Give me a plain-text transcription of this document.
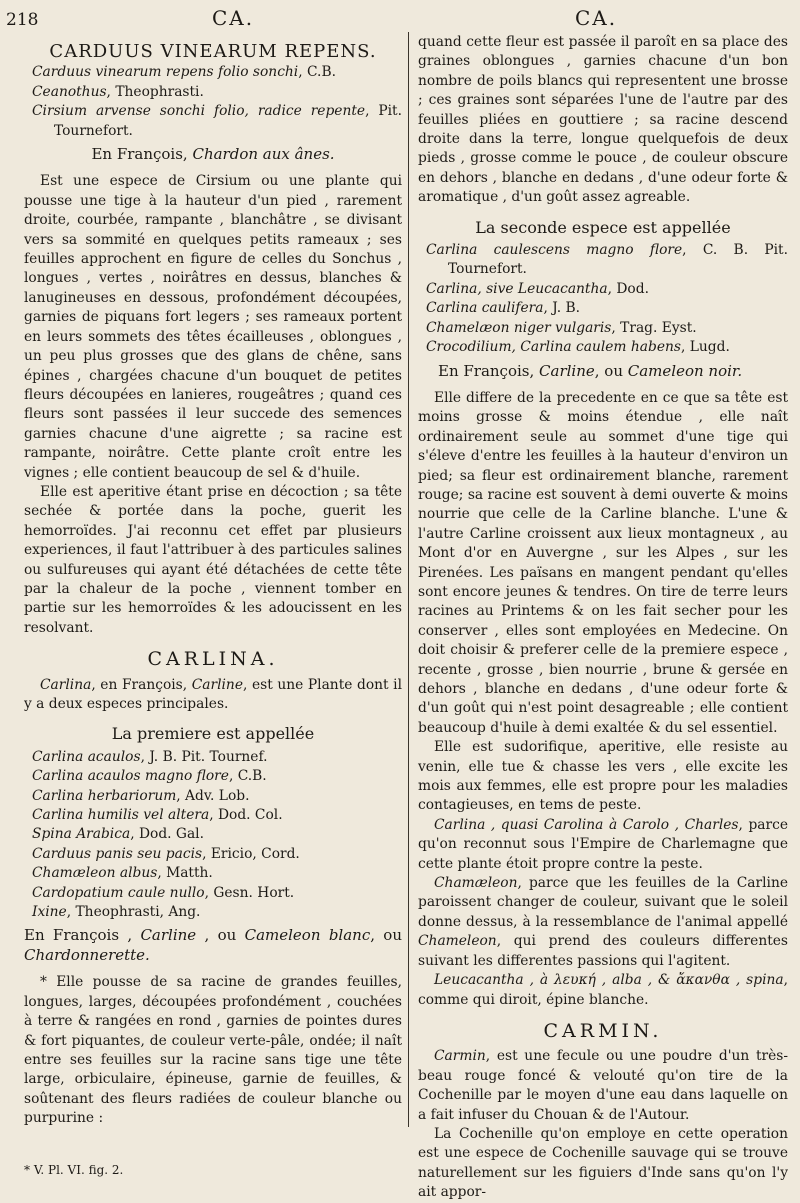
218	CA.	CA.

CARDUUS VINEARUM REPENS.

Carduus vinearum repens folio sonchi, C.B.

Ceanothus, Theophrasti.

Cirsium arvense sonchi folio, radice repente, Pit. Tournefort.

En François, Chardon aux ânes.

Est une espece de Cirsium ou une plante qui pousse une tige à la hauteur d'un pied , rarement droite, courbée, rampante , blanchâtre , se divisant vers sa sommité en quelques petits rameaux ; ses feuilles approchent en figure de celles du Sonchus , longues , vertes , noirâtres en dessus, blanches & lanugineuses en dessous, profondément découpées, garnies de piquans fort legers ; ses rameaux portent en leurs sommets des têtes écailleuses , oblongues , un peu plus grosses que des glans de chêne, sans épines , chargées chacune d'un bouquet de petites fleurs découpées en lanieres, rougeâtres ; quand ces fleurs sont passées il leur succede des semences garnies chacune d'une aigrette ; sa racine est rampante, noirâtre. Cette plante croît entre les vignes ; elle contient beaucoup de sel & d'huile.

Elle est aperitive étant prise en décoction ; sa tête sechée & portée dans la poche, guerit les hemorroïdes. J'ai reconnu cet effet par plusieurs experiences, il faut l'attribuer à des particules salines ou sulfureuses qui ayant été détachées de cette tête par la chaleur de la poche , viennent tomber en partie sur les hemorroïdes & les adoucissent en les resolvant.

CARLINA.

Carlina, en François, Carline, est une Plante dont il y a deux especes principales.

La premiere est appellée

Carlina acaulos, J. B. Pit. Tournef.

Carlina acaulos magno flore, C.B.

Carlina herbariorum, Adv. Lob.

Carlina humilis vel altera, Dod. Col.

Spina Arabica, Dod. Gal.

Carduus panis seu pacis, Ericio, Cord.

Chamæleon albus, Matth.

Cardopatium caule nullo, Gesn. Hort.

Ixine, Theophrasti, Ang.

En François , Carline , ou Cameleon blanc, ou Chardonnerette.

* Elle pousse de sa racine de grandes feuilles, longues, larges, découpées profondément , couchées à terre & rangées en rond , garnies de pointes dures & fort piquantes, de couleur verte-pâle, ondée; il naît entre ses feuilles sur la racine sans tige une tête large, orbiculaire, épineuse, garnie de feuilles, & soûtenant des fleurs radiées de couleur blanche ou purpurine :

* V. Pl. VI. fig. 2.

quand cette fleur est passée il paroît en sa place des graines oblongues , garnies chacune d'un bon nombre de poils blancs qui representent une brosse ; ces graines sont séparées l'une de l'autre par des feuilles pliées en gouttiere ; sa racine descend droite dans la terre, longue quelquefois de deux pieds , grosse comme le pouce , de couleur obscure en dehors , blanche en dedans , d'une odeur forte & aromatique , d'un goût assez agreable.

La seconde espece est appellée

Carlina caulescens magno flore, C. B. Pit. Tournefort.

Carlina, sive Leucacantha, Dod.

Carlina caulifera, J. B.

Chamelæon niger vulgaris, Trag. Eyst.

Crocodilium, Carlina caulem habens, Lugd.

En François, Carline, ou Cameleon noir.

Elle differe de la precedente en ce que sa tête est moins grosse & moins étendue , elle naît ordinairement seule au sommet d'une tige qui s'éleve d'entre les feuilles à la hauteur d'environ un pied; sa fleur est ordinairement blanche, rarement rouge; sa racine est souvent à demi ouverte & moins nourrie que celle de la Carline blanche. L'une & l'autre Carline croissent aux lieux montagneux , au Mont d'or en Auvergne , sur les Alpes , sur les Pirenées. Les païsans en mangent pendant qu'elles sont encore jeunes & tendres. On tire de terre leurs racines au Printems & on les fait secher pour les conserver , elles sont employées en Medecine. On doit choisir & preferer celle de la premiere espece , recente , grosse , bien nourrie , brune & gersée en dehors , blanche en dedans , d'une odeur forte & d'un goût qui n'est point desagreable ; elle contient beaucoup d'huile à demi exaltée & du sel essentiel.

Elle est sudorifique, aperitive, elle resiste au venin, elle tue & chasse les vers , elle excite les mois aux femmes, elle est propre pour les maladies contagieuses, en tems de peste.

Carlina , quasi Carolina à Carolo , Charles, parce qu'on reconnut sous l'Empire de Charlemagne que cette plante étoit propre contre la peste.

Chamæleon, parce que les feuilles de la Carline paroissent changer de couleur, suivant que le soleil donne dessus, à la ressemblance de l'animal appellé Chameleon, qui prend des couleurs differentes suivant les differentes passions qui l'agitent.

Leucacantha , à λευκή , alba , & ἄκανθα , spina, comme qui diroit, épine blanche.

CARMIN.

Carmin, est une fecule ou une poudre d'un très-beau rouge foncé & velouté qu'on tire de la Cochenille par le moyen d'une eau dans laquelle on a fait infuser du Chouan & de l'Autour.

La Cochenille qu'on employe en cette operation est une espece de Cochenille sauvage qui se trouve naturellement sur les figuiers d'Inde sans qu'on l'y ait appor-
